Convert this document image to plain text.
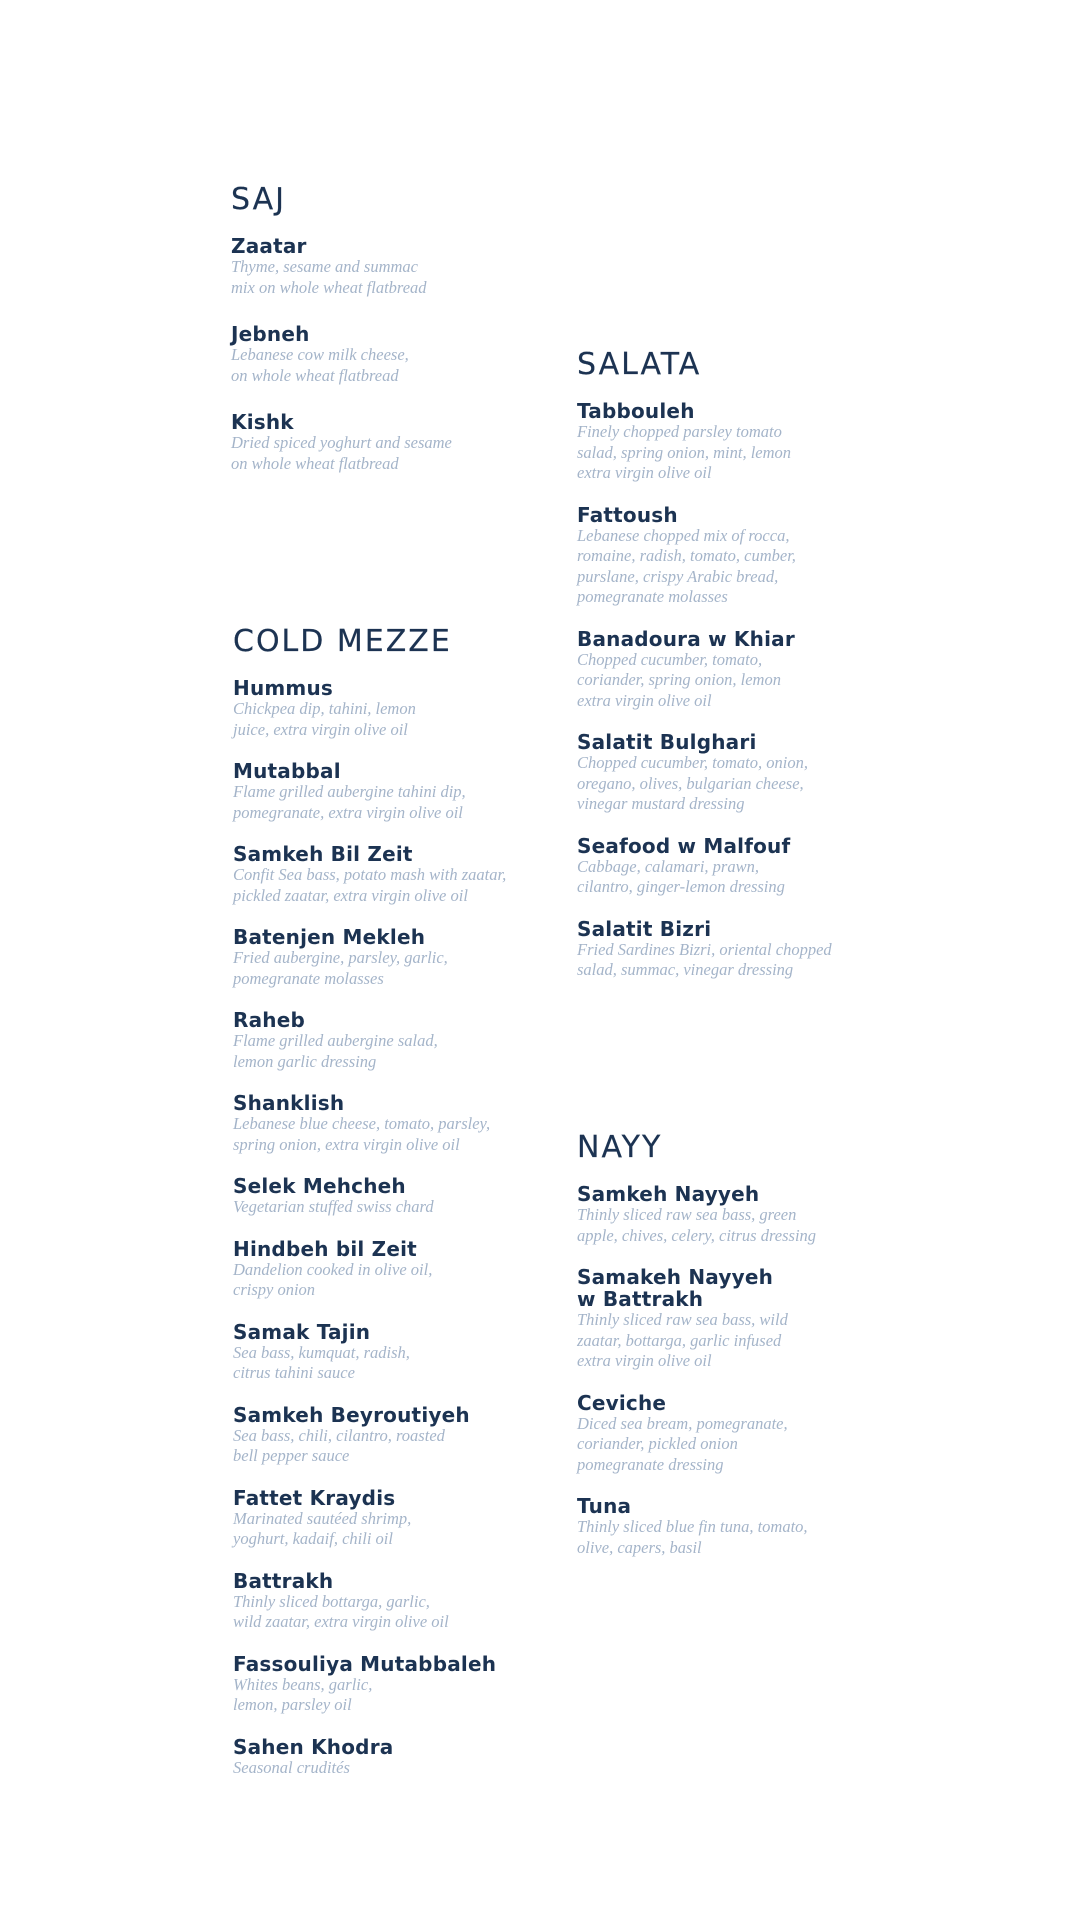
SAJ
Zaatar
Thyme, sesame and summac
mix on whole wheat flatbread
Jebneh
Lebanese cow milk cheese,
on whole wheat flatbread
Kishk
Dried spiced yoghurt and sesame
on whole wheat flatbread
COLD MEZZE
Hummus
Chickpea dip, tahini, lemon
juice, extra virgin olive oil
Mutabbal
Flame grilled aubergine tahini dip,
pomegranate, extra virgin olive oil
Samkeh Bil Zeit
Confit Sea bass, potato mash with zaatar,
pickled zaatar, extra virgin olive oil
Batenjen Mekleh
Fried aubergine, parsley, garlic,
pomegranate molasses
Raheb
Flame grilled aubergine salad,
lemon garlic dressing
Shanklish
Lebanese blue cheese, tomato, parsley,
spring onion, extra virgin olive oil
Selek Mehcheh
Vegetarian stuffed swiss chard
Hindbeh bil Zeit
Dandelion cooked in olive oil,
crispy onion
Samak Tajin
Sea bass, kumquat, radish,
citrus tahini sauce
Samkeh Beyroutiyeh
Sea bass, chili, cilantro, roasted
bell pepper sauce
Fattet Kraydis
Marinated sautéed shrimp,
yoghurt, kadaif, chili oil
Battrakh
Thinly sliced bottarga, garlic,
wild zaatar, extra virgin olive oil
Fassouliya Mutabbaleh
Whites beans, garlic,
lemon, parsley oil
Sahen Khodra
Seasonal crudités
SALATA
Tabbouleh
Finely chopped parsley tomato
salad, spring onion, mint, lemon
extra virgin olive oil
Fattoush
Lebanese chopped mix of rocca,
romaine, radish, tomato, cumber,
purslane, crispy Arabic bread,
pomegranate molasses
Banadoura w Khiar
Chopped cucumber, tomato,
coriander, spring onion, lemon
extra virgin olive oil
Salatit Bulghari
Chopped cucumber, tomato, onion,
oregano, olives, bulgarian cheese,
vinegar mustard dressing
Seafood w Malfouf
Cabbage, calamari, prawn,
cilantro, ginger-lemon dressing
Salatit Bizri
Fried Sardines Bizri, oriental chopped
salad, summac, vinegar dressing
NAYY
Samkeh Nayyeh
Thinly sliced raw sea bass, green
apple, chives, celery, citrus dressing
Samakeh Nayyeh
w Battrakh
Thinly sliced raw sea bass, wild
zaatar, bottarga, garlic infused
extra virgin olive oil
Ceviche
Diced sea bream, pomegranate,
coriander, pickled onion
pomegranate dressing
Tuna
Thinly sliced blue fin tuna, tomato,
olive, capers, basil
